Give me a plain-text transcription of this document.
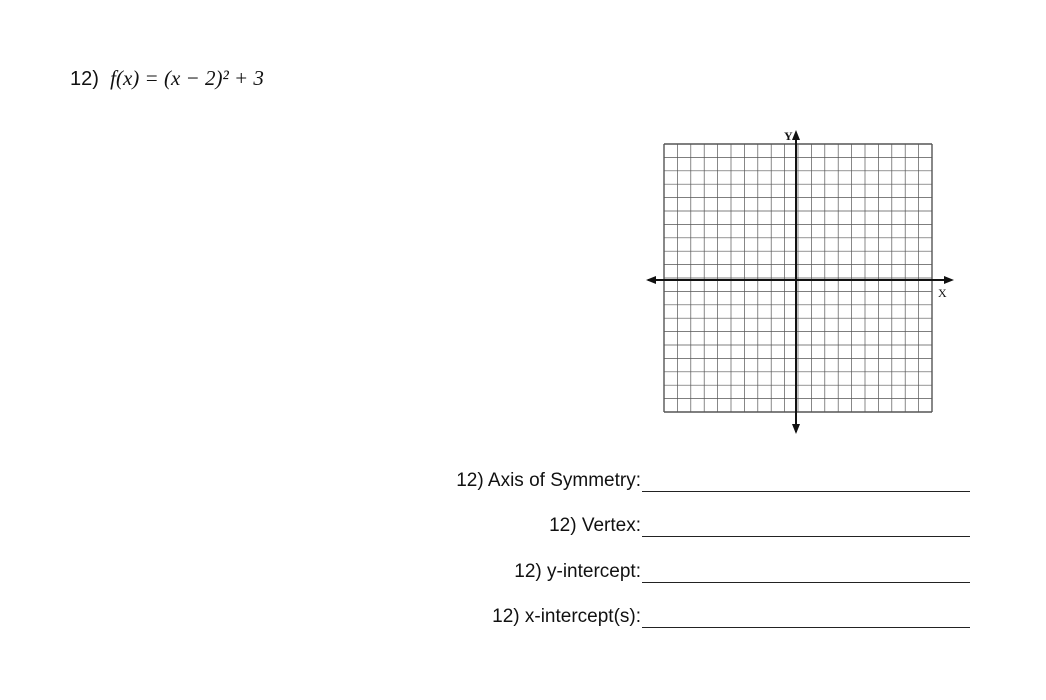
12) f(x) = (x − 2)² + 3
Y
X
12) Axis of Symmetry:
12) Vertex:
12) y-intercept:
12) x-intercept(s):
